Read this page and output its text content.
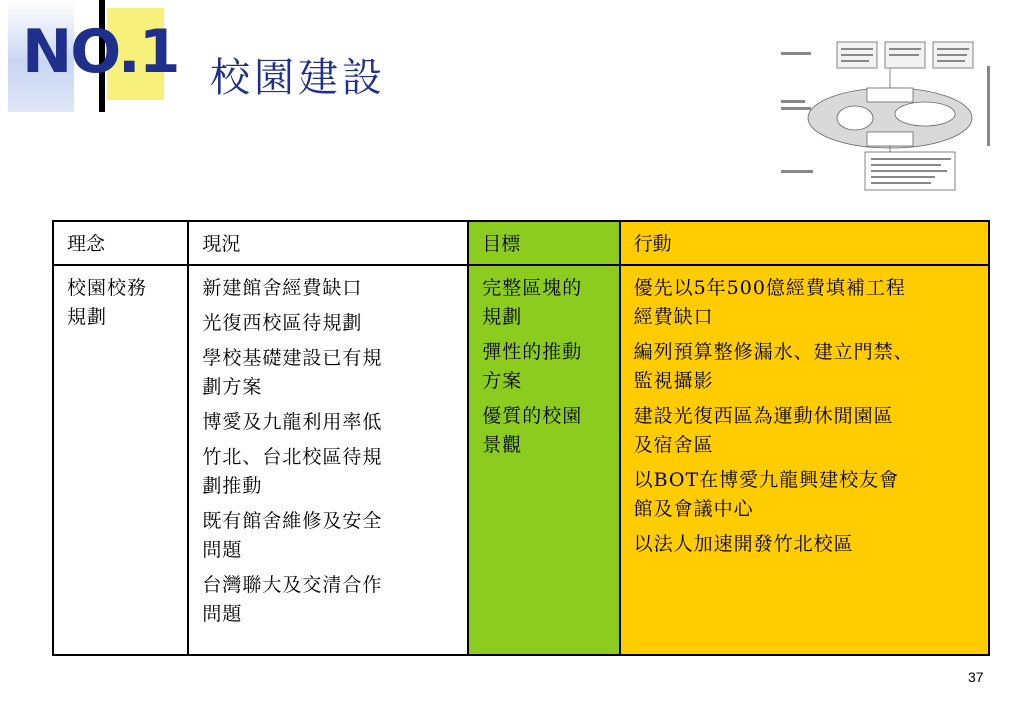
NO.1 校園建設
理念
校園校務
規劃
現況

新建館舍經費缺口

光復西校區待規劃

學校基礎建設已有規
劃方案

博愛及九龍利用率低

竹北、台北校區待規
劃推動

既有館舍維修及安全
問題

台灣聯大及交清合作
問題

目標

完整區塊的
規劃

彈性的推動
方案

優質的校園
景觀

行動

優先以5年500億經費填補工程
經費缺口

編列預算整修漏水、建立門禁、
監視攝影

建設光復西區為運動休閒園區
及宿舍區

以BOT在博愛九龍興建校友會
館及會議中心

以法人加速開發竹北校區

37
